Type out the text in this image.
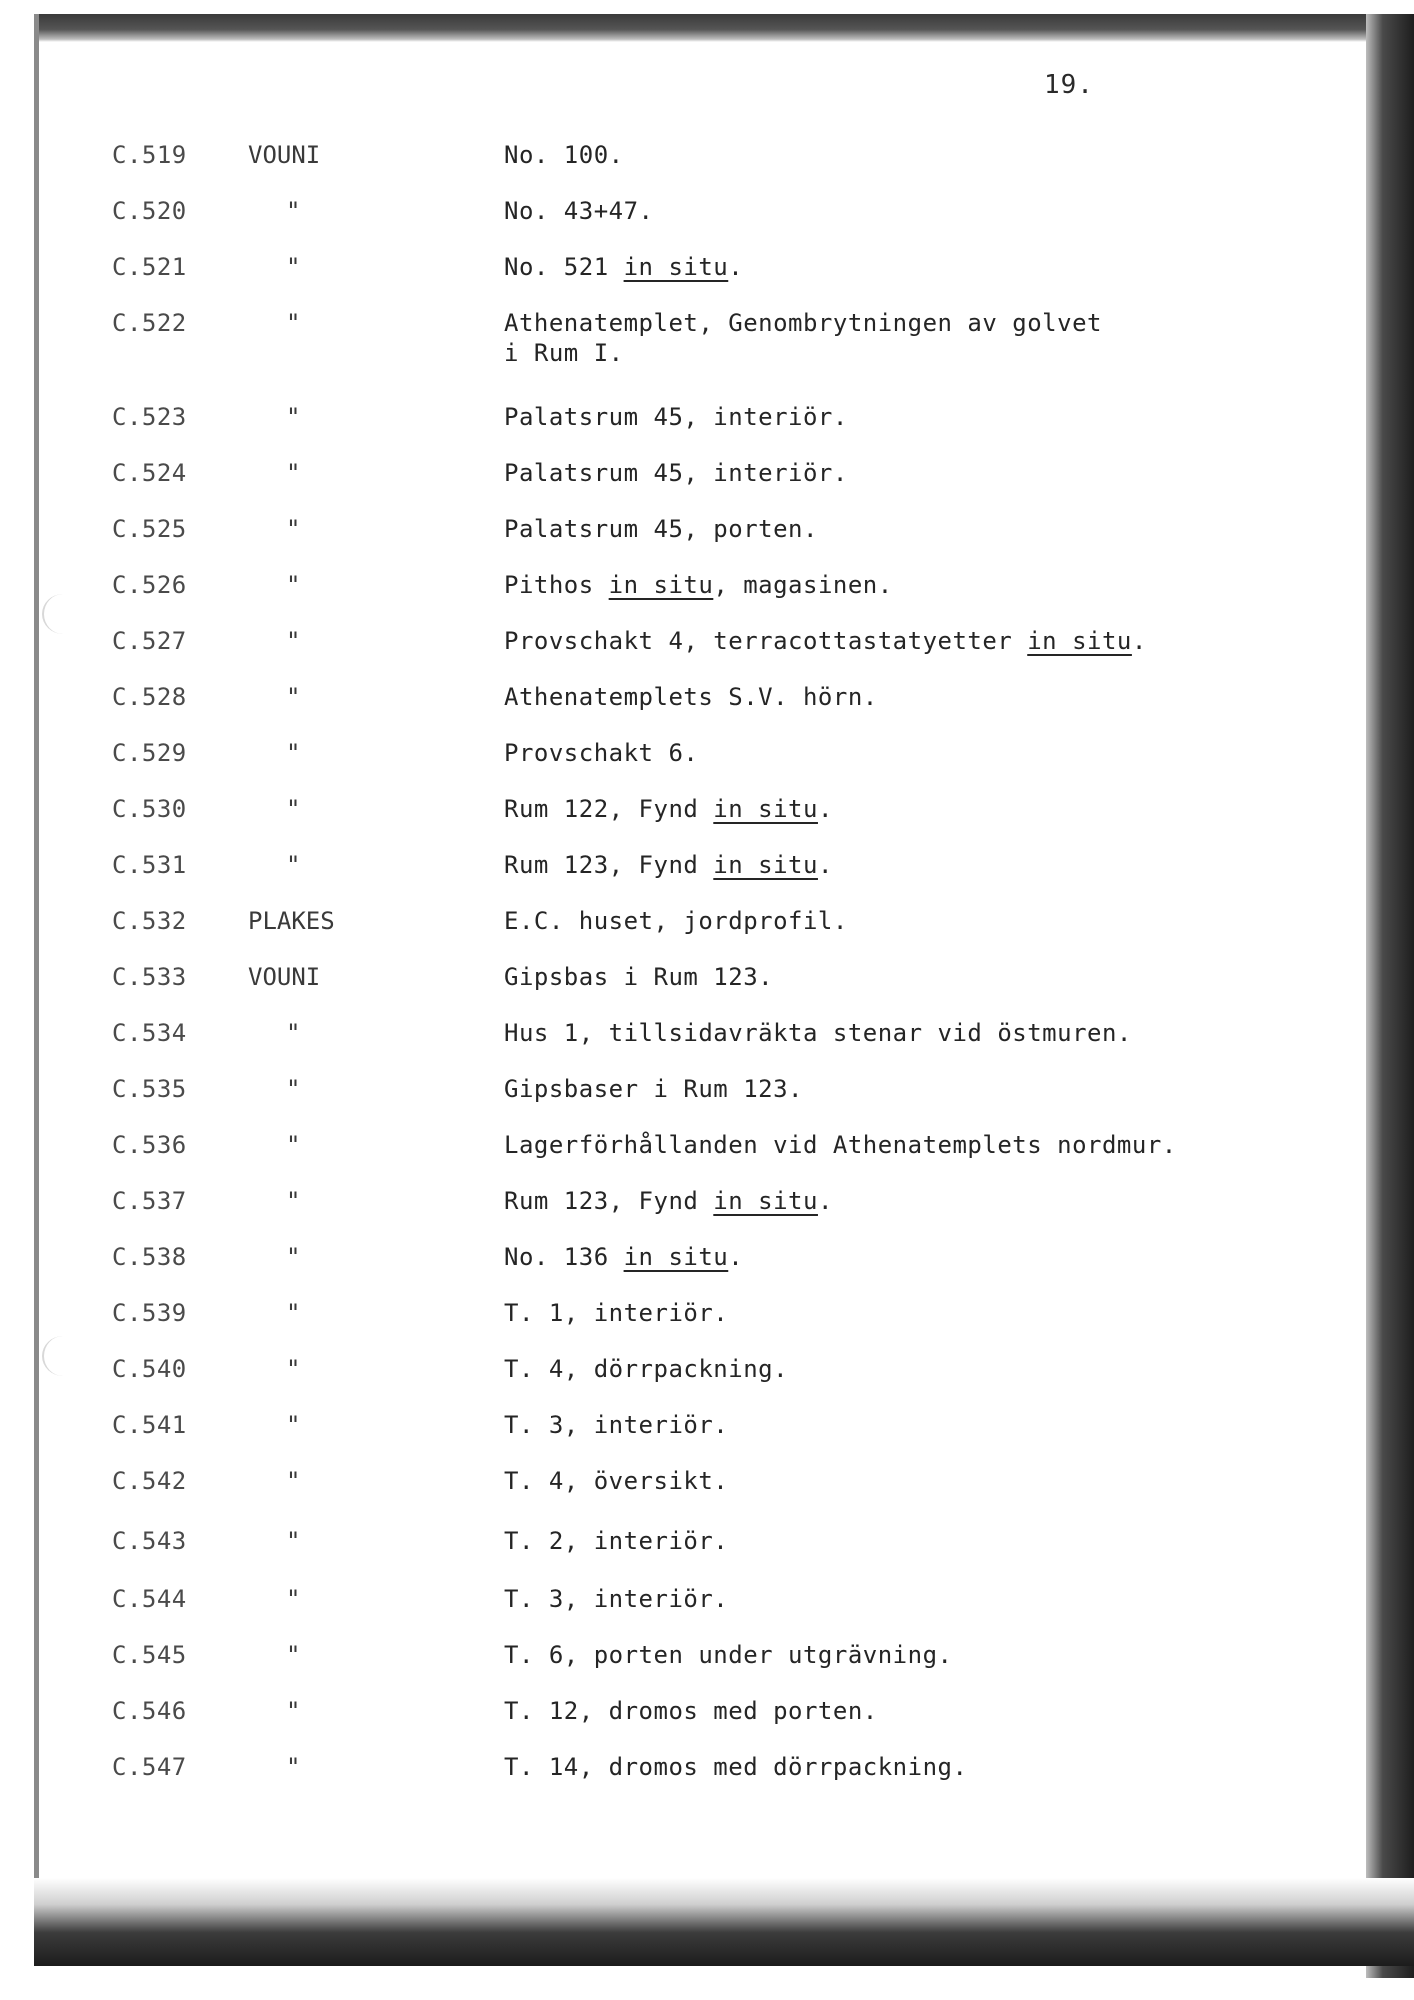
19.
C.519	VOUNI	No. 100.
C.520	"	No. 43+47.
C.521	"	No. 521 in situ.
C.522	"	Athenatemplet, Genombrytningen av golvet
i Rum I.
C.523	"	Palatsrum 45, interiör.
C.524	"	Palatsrum 45, interiör.
C.525	"	Palatsrum 45, porten.
C.526	"	Pithos in situ, magasinen.
C.527	"	Provschakt 4, terracottastatyetter in situ.
C.528	"	Athenatemplets S.V. hörn.
C.529	"	Provschakt 6.
C.530	"	Rum 122, Fynd in situ.
C.531	"	Rum 123, Fynd in situ.
C.532	PLAKES	E.C. huset, jordprofil.
C.533	VOUNI	Gipsbas i Rum 123.
C.534	"	Hus 1, tillsidavräkta stenar vid östmuren.
C.535	"	Gipsbaser i Rum 123.
C.536	"	Lagerförhållanden vid Athenatemplets nordmur.
C.537	"	Rum 123, Fynd in situ.
C.538	"	No. 136 in situ.
C.539	"	T. 1, interiör.
C.540	"	T. 4, dörrpackning.
C.541	"	T. 3, interiör.
C.542	"	T. 4, översikt.
C.543	"	T. 2, interiör.
C.544	"	T. 3, interiör.
C.545	"	T. 6, porten under utgrävning.
C.546	"	T. 12, dromos med porten.
C.547	"	T. 14, dromos med dörrpackning.
